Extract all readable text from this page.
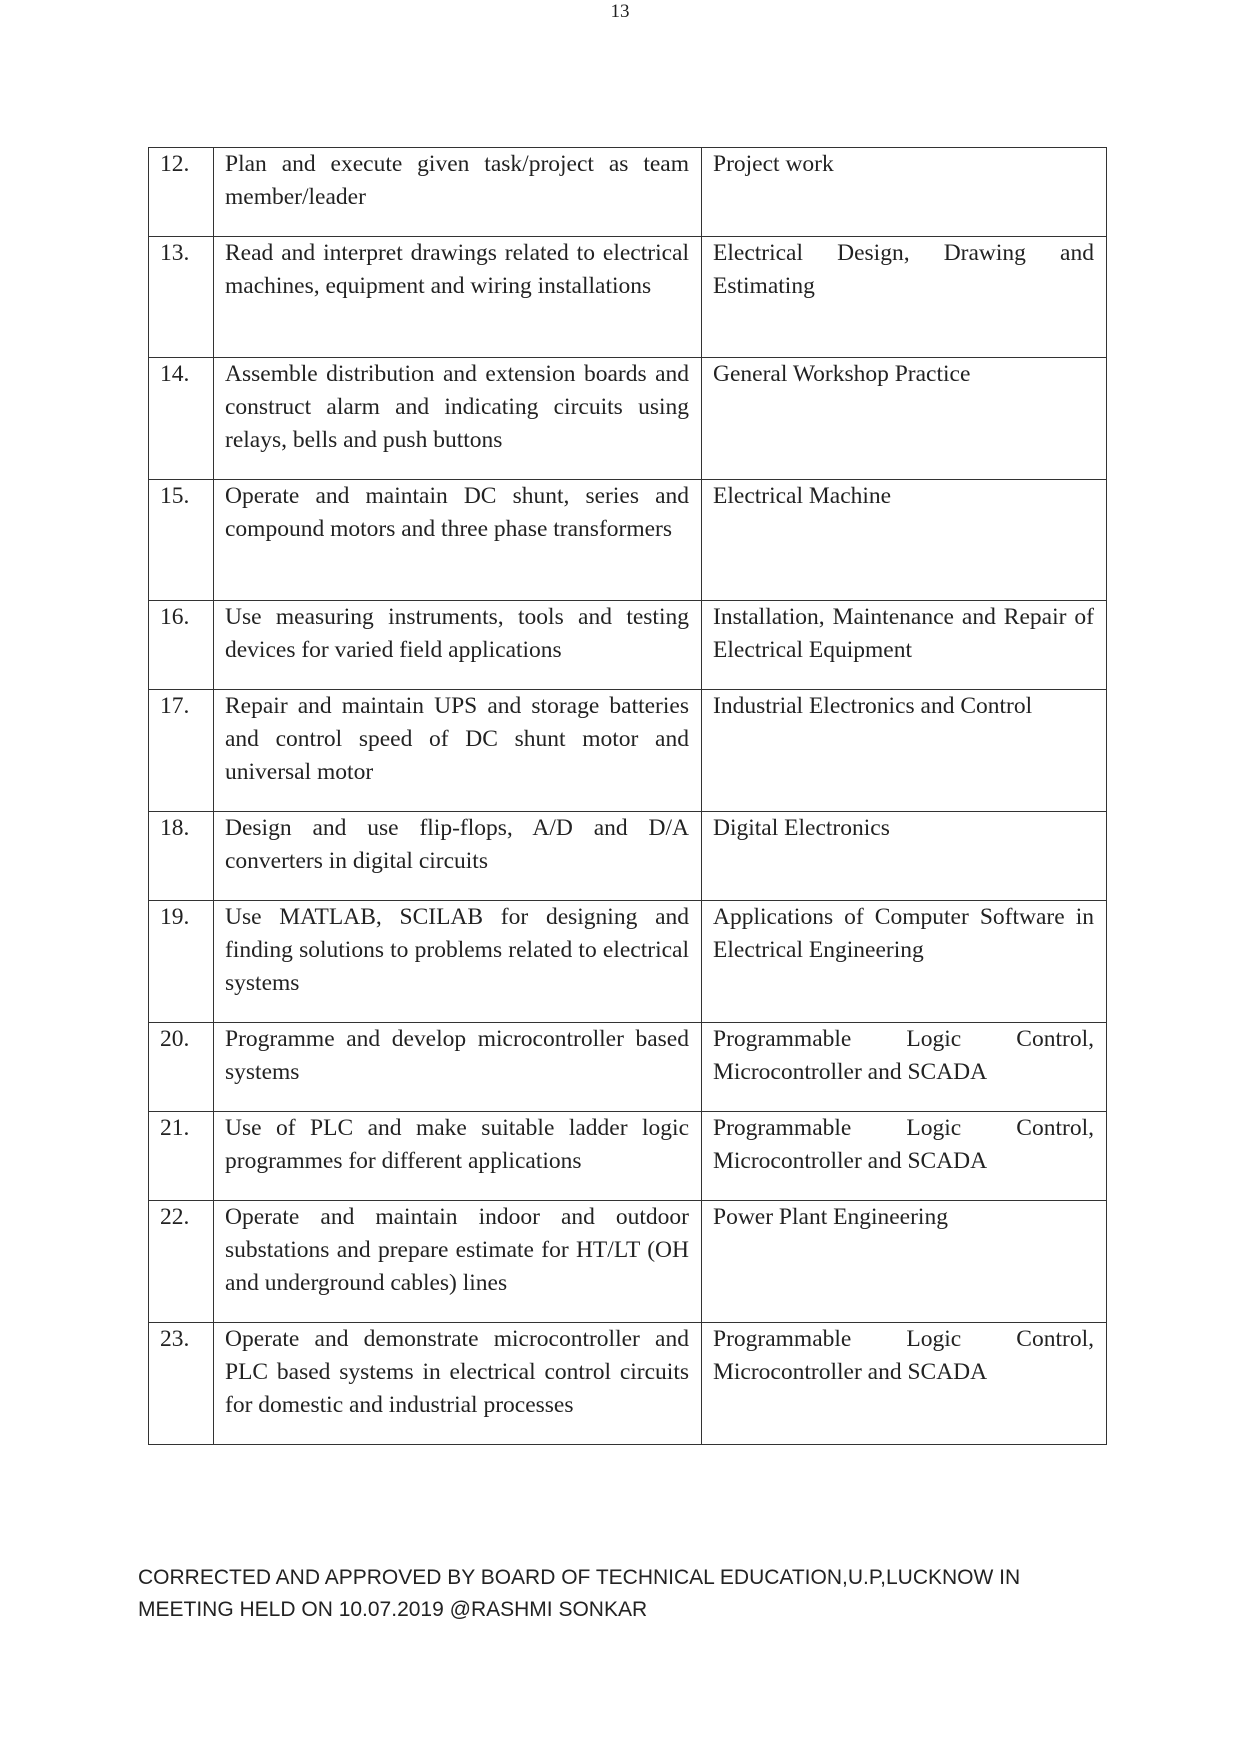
13
12.	Plan and execute given task/project as team member/leader	Project work
13.	Read and interpret drawings related to electrical machines, equipment and wiring installations	Electrical Design, Drawing and Estimating
14.	Assemble distribution and extension boards and construct alarm and indicating circuits using relays, bells and push buttons	General Workshop Practice
15.	Operate and maintain DC shunt, series and compound motors and three phase transformers	Electrical Machine
16.	Use measuring instruments, tools and testing devices for varied field applications	Installation, Maintenance and Repair of Electrical Equipment
17.	Repair and maintain UPS and storage batteries and control speed of DC shunt motor and universal motor	Industrial Electronics and Control
18.	Design and use flip-flops, A/D and D/A converters in digital circuits	Digital Electronics
19.	Use MATLAB, SCILAB for designing and finding solutions to problems related to electrical systems	Applications of Computer Software in Electrical Engineering
20.	Programme and develop microcontroller based systems	Programmable Logic Control, Microcontroller and SCADA
21.	Use of PLC and make suitable ladder logic programmes for different applications	Programmable Logic Control, Microcontroller and SCADA
22.	Operate and maintain indoor and outdoor substations and prepare estimate for HT/LT (OH and underground cables) lines	Power Plant Engineering
23.	Operate and demonstrate microcontroller and PLC based systems in electrical control circuits for domestic and industrial processes	Programmable Logic Control, Microcontroller and SCADA
CORRECTED AND APPROVED BY BOARD OF TECHNICAL EDUCATION,U.P,LUCKNOW IN
MEETING HELD ON 10.07.2019 @RASHMI SONKAR
